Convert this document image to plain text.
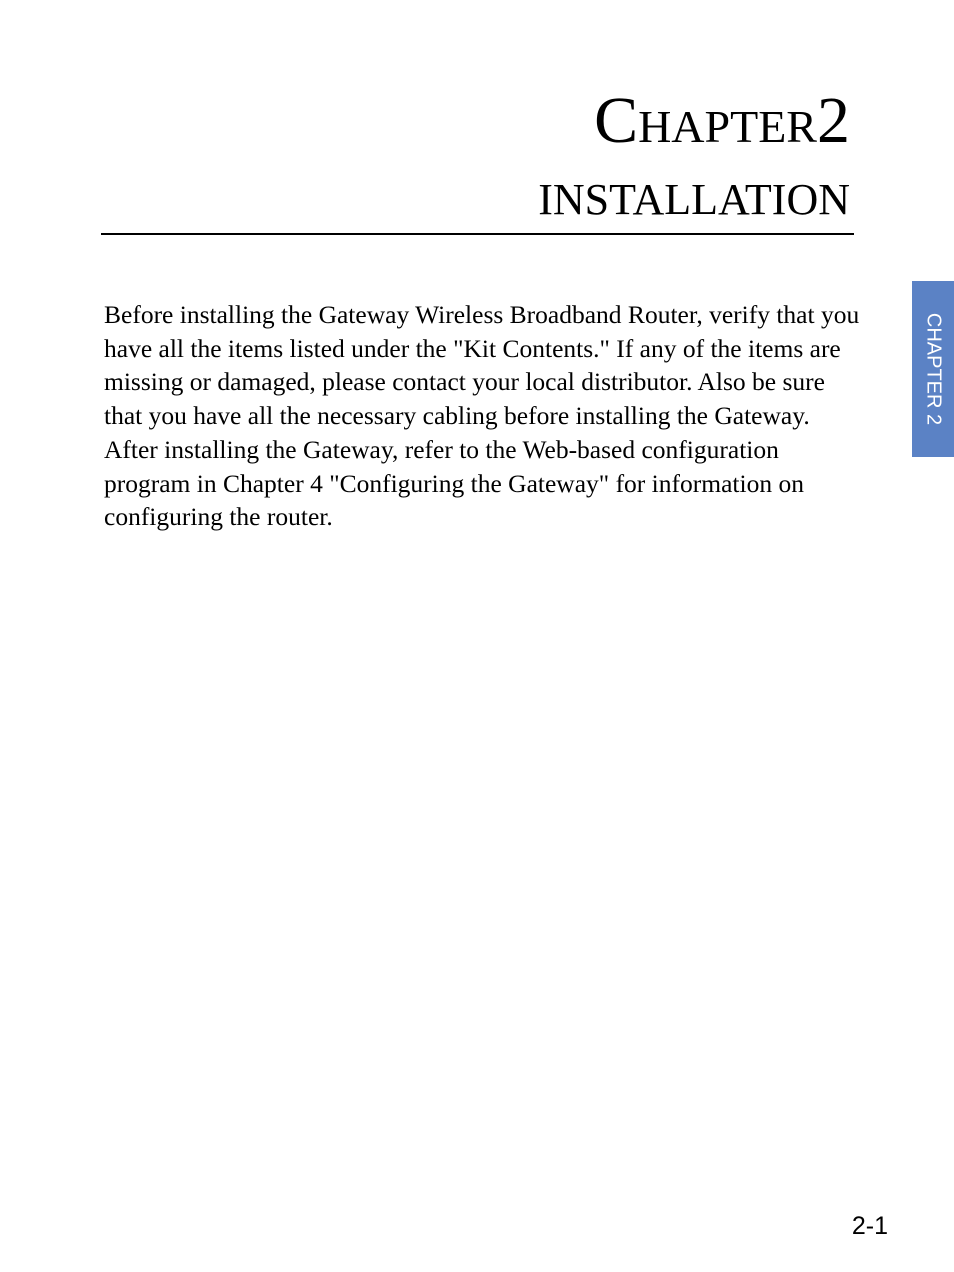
Chapter2
INSTALLATION

Before installing the Gateway Wireless Broadband Router, verify that you have all the items listed under the "Kit Contents." If any of the items are missing or damaged, please contact your local distributor. Also be sure that you have all the necessary cabling before installing the Gateway. After installing the Gateway, refer to the Web-based configuration program in Chapter 4 "Configuring the Gateway" for information on configuring the router.

CHAPTER 2
2-1
